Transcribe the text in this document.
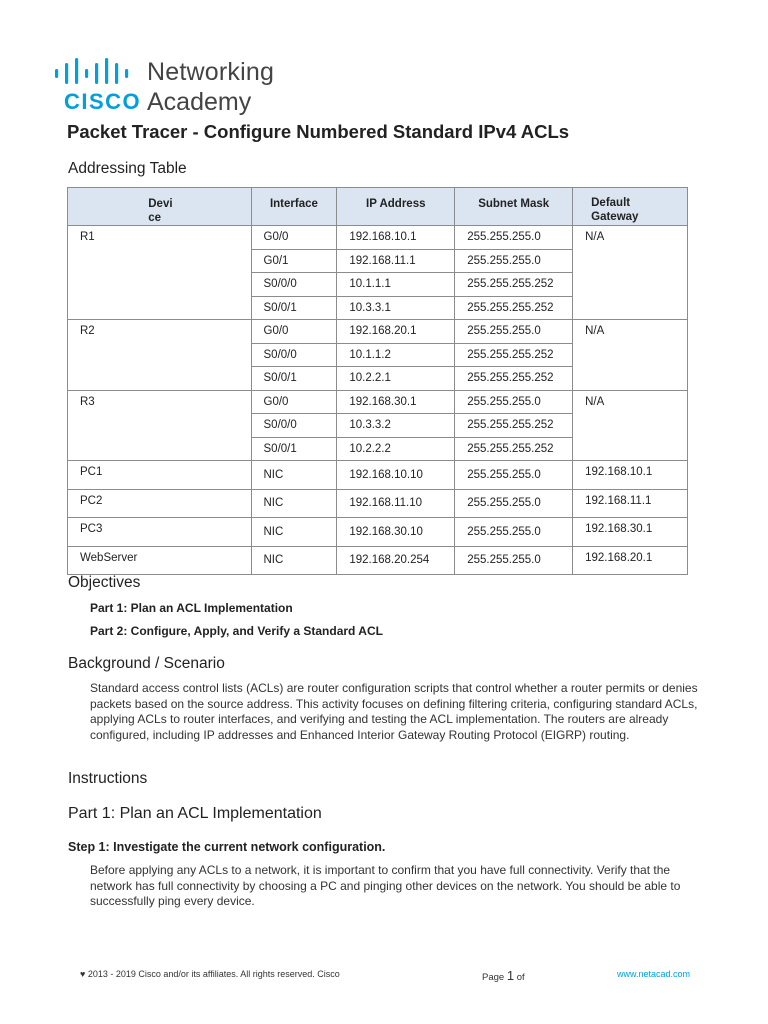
Networking
CISCO Academy
Packet Tracer - Configure Numbered Standard IPv4 ACLs
Addressing Table
Devi ce	Interface	IP Address	Subnet Mask	Default Gateway

R1	G0/0	192.168.10.1	255.255.255.0	N/A
	G0/1	192.168.11.1	255.255.255.0	
	S0/0/0	10.1.1.1	255.255.255.252	
	S0/0/1	10.3.3.1	255.255.255.252	
R2	G0/0	192.168.20.1	255.255.255.0	N/A
	S0/0/0	10.1.1.2	255.255.255.252	
	S0/0/1	10.2.2.1	255.255.255.252	
R3	G0/0	192.168.30.1	255.255.255.0	N/A
	S0/0/0	10.3.3.2	255.255.255.252	
	S0/0/1	10.2.2.2	255.255.255.252	
PC1	NIC	192.168.10.10	255.255.255.0	192.168.10.1
PC2	NIC	192.168.11.10	255.255.255.0	192.168.11.1
PC3	NIC	192.168.30.10	255.255.255.0	192.168.30.1
WebServer	NIC	192.168.20.254	255.255.255.0	192.168.20.1
Objectives
Part 1: Plan an ACL Implementation
Part 2: Configure, Apply, and Verify a Standard ACL
Background / Scenario

Standard access control lists (ACLs) are router configuration scripts that control whether a router permits or denies packets based on the source address. This activity focuses on defining filtering criteria, configuring standard ACLs, applying ACLs to router interfaces, and verifying and testing the ACL implementation. The routers are already configured, including IP addresses and Enhanced Interior Gateway Routing Protocol (EIGRP) routing.

Instructions
Part 1: Plan an ACL Implementation

Step 1: Investigate the current network configuration.

Before applying any ACLs to a network, it is important to confirm that you have full connectivity. Verify that the network has full connectivity by choosing a PC and pinging other devices on the network. You should be able to successfully ping every device.

♥ 2013 - 2019 Cisco and/or its affiliates. All rights reserved. Cisco	Page 1 of	www.netacad.com
